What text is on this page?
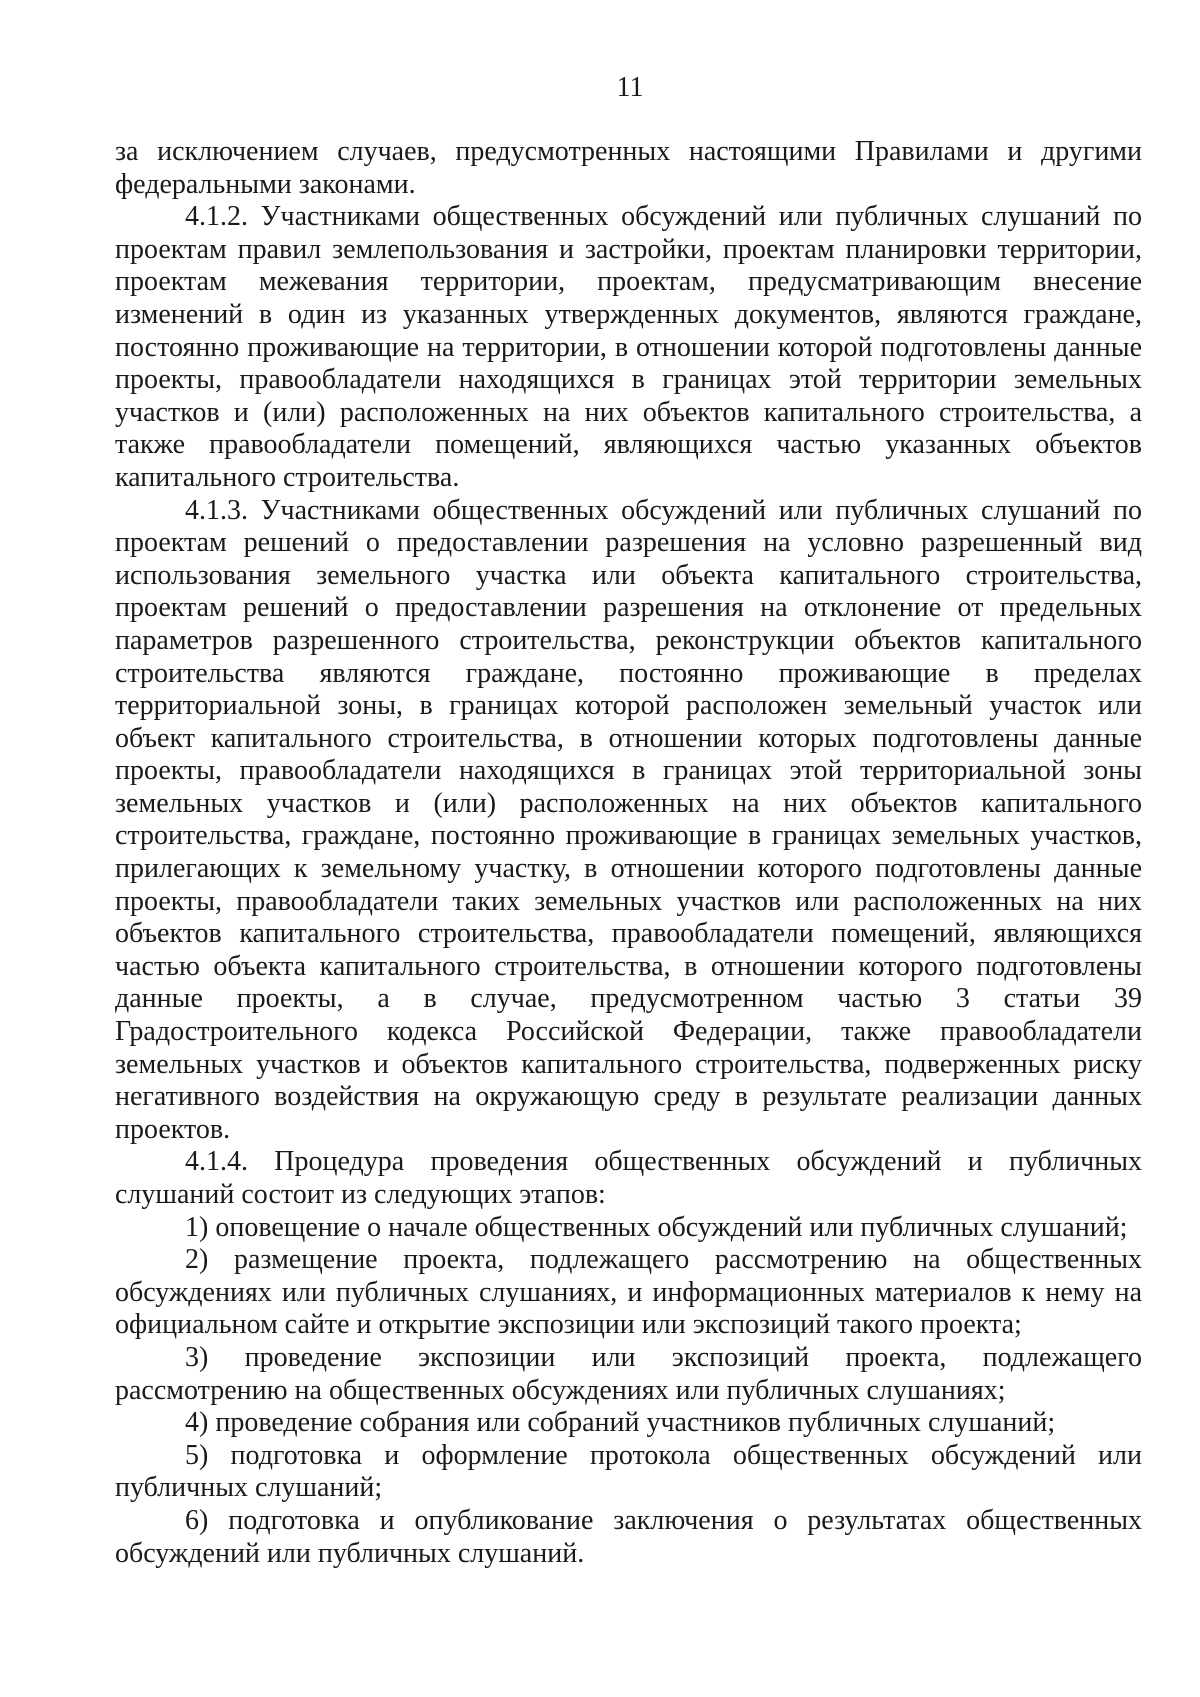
11

за исключением случаев, предусмотренных настоящими Правилами и другими федеральными законами.

4.1.2. Участниками общественных обсуждений или публичных слушаний по проектам правил землепользования и застройки, проектам планировки территории, проектам межевания территории, проектам, предусматривающим внесение изменений в один из указанных утвержденных документов, являются граждане, постоянно проживающие на территории, в отношении которой подготовлены данные проекты, правообладатели находящихся в границах этой территории земельных участков и (или) расположенных на них объектов капитального строительства, а также правообладатели помещений, являющихся частью указанных объектов капитального строительства.

4.1.3. Участниками общественных обсуждений или публичных слушаний по проектам решений о предоставлении разрешения на условно разрешенный вид использования земельного участка или объекта капитального строительства, проектам решений о предоставлении разрешения на отклонение от предельных параметров разрешенного строительства, реконструкции объектов капитального строительства являются граждане, постоянно проживающие в пределах территориальной зоны, в границах которой расположен земельный участок или объект капитального строительства, в отношении которых подготовлены данные проекты, правообладатели находящихся в границах этой территориальной зоны земельных участков и (или) расположенных на них объектов капитального строительства, граждане, постоянно проживающие в границах земельных участков, прилегающих к земельному участку, в отношении которого подготовлены данные проекты, правообладатели таких земельных участков или расположенных на них объектов капитального строительства, правообладатели помещений, являющихся частью объекта капитального строительства, в отношении которого подготовлены данные проекты, а в случае, предусмотренном частью 3 статьи 39 Градостроительного кодекса Российской Федерации, также правообладатели земельных участков и объектов капитального строительства, подверженных риску негативного воздействия на окружающую среду в результате реализации данных проектов.

4.1.4. Процедура проведения общественных обсуждений и публичных слушаний состоит из следующих этапов:

1) оповещение о начале общественных обсуждений или публичных слушаний;

2) размещение проекта, подлежащего рассмотрению на общественных обсуждениях или публичных слушаниях, и информационных материалов к нему на официальном сайте и открытие экспозиции или экспозиций такого проекта;

3) проведение экспозиции или экспозиций проекта, подлежащего рассмотрению на общественных обсуждениях или публичных слушаниях;

4) проведение собрания или собраний участников публичных слушаний;

5) подготовка и оформление протокола общественных обсуждений или публичных слушаний;

6) подготовка и опубликование заключения о результатах общественных обсуждений или публичных слушаний.
